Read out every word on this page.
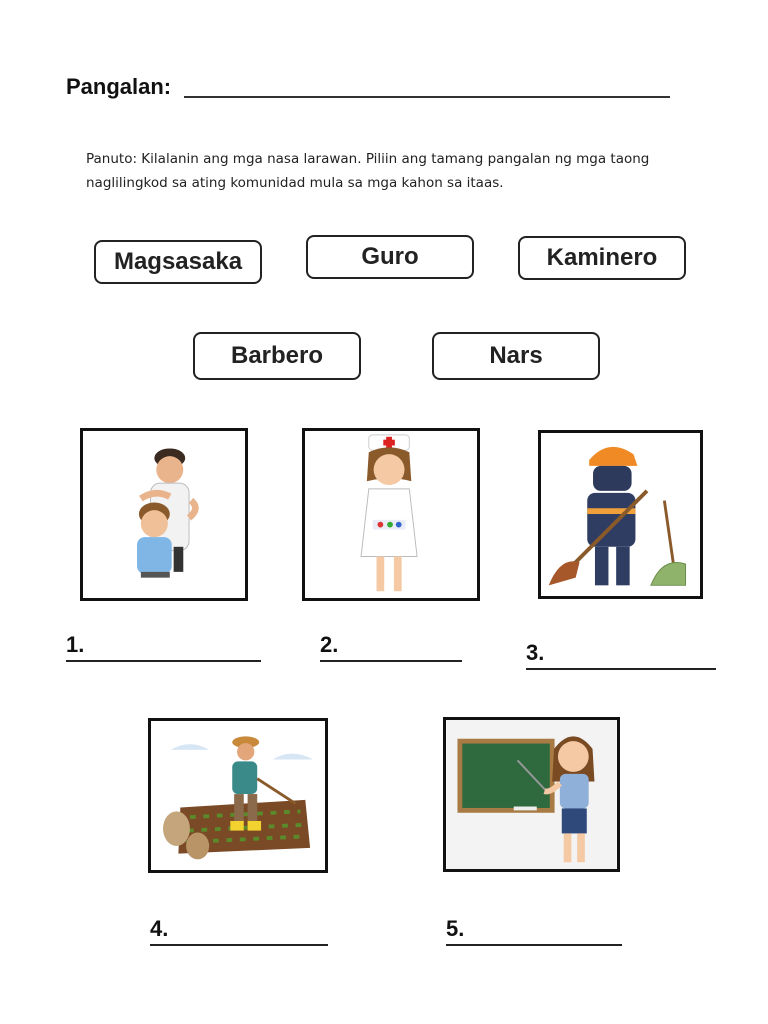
Pangalan:
Panuto: Kilalanin ang mga nasa larawan. Piliin ang tamang pangalan ng mga taong naglilingkod sa ating komunidad mula sa mga kahon sa itaas.
Magsasaka	Guro	Kaminero
Barbero	Nars
1.	2.	3.
4.	5.
